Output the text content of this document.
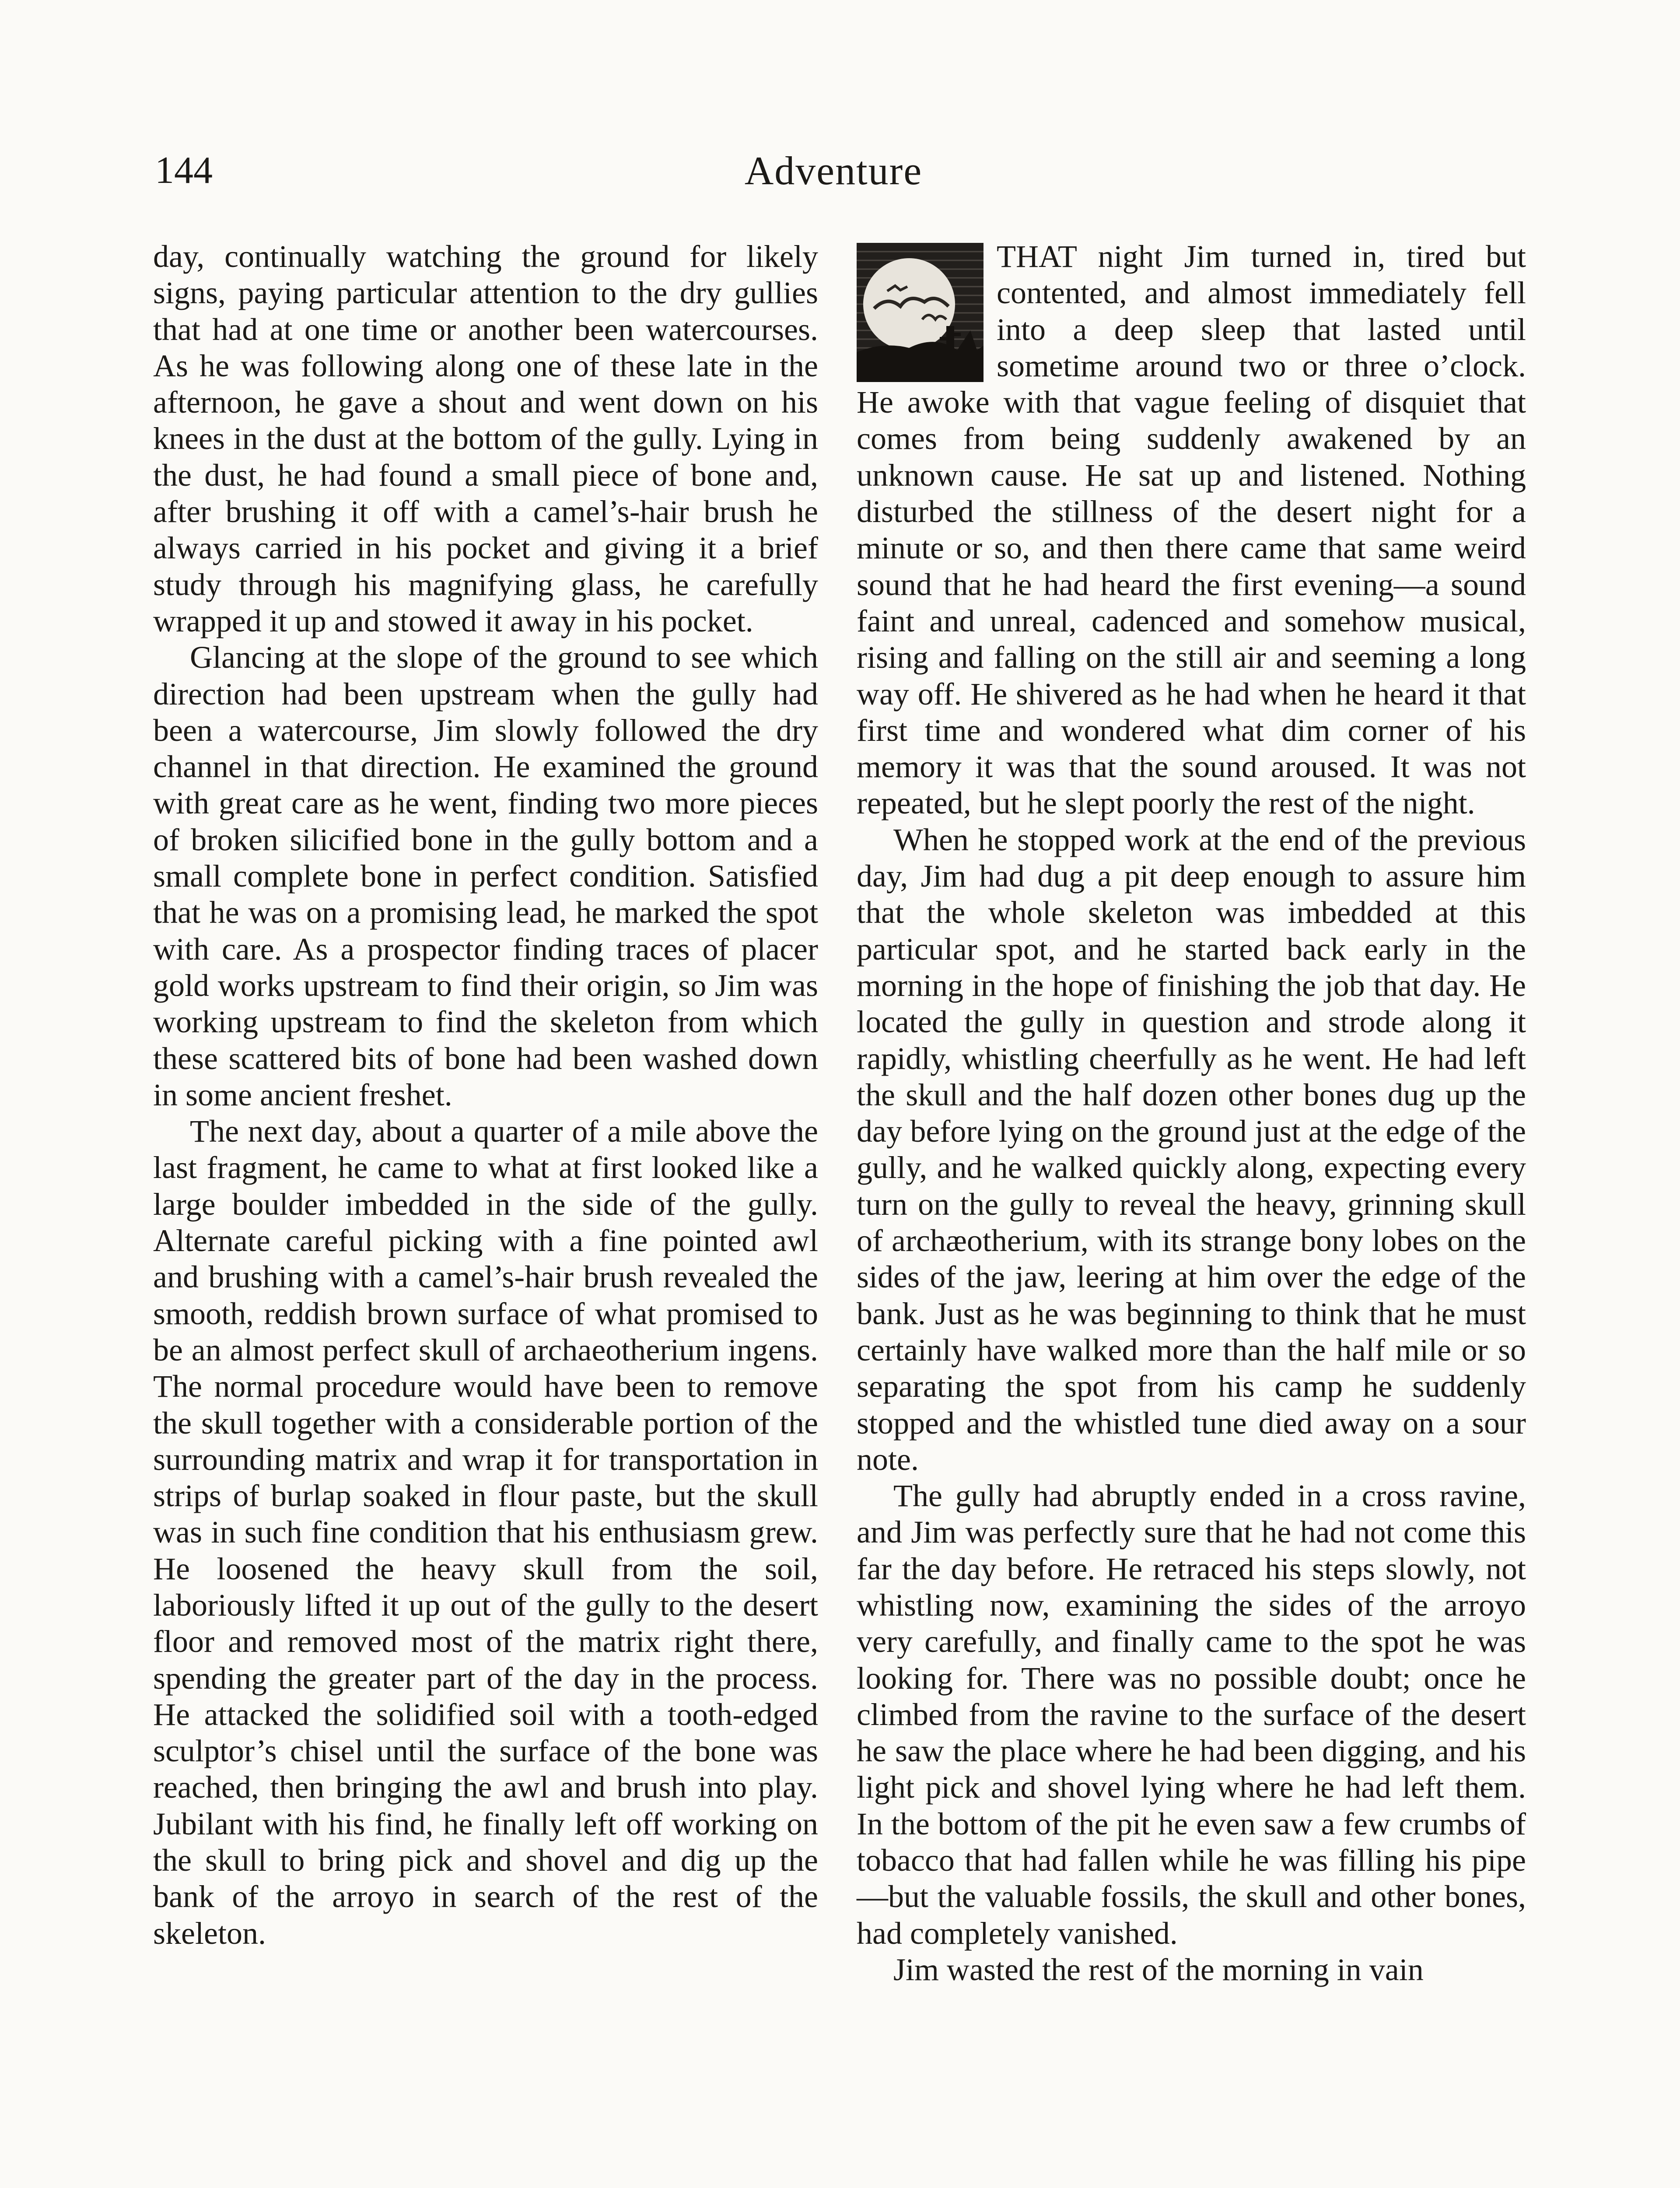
144	Adventure

day, continually watching the ground for likely signs, paying particular attention to the dry gullies that had at one time or another been watercourses. As he was following along one of these late in the afternoon, he gave a shout and went down on his knees in the dust at the bottom of the gully. Lying in the dust, he had found a small piece of bone and, after brushing it off with a camel’s-hair brush he always carried in his pocket and giving it a brief study through his magnifying glass, he carefully wrapped it up and stowed it away in his pocket.

Glancing at the slope of the ground to see which direction had been upstream when the gully had been a watercourse, Jim slowly followed the dry channel in that direction. He examined the ground with great care as he went, finding two more pieces of broken silicified bone in the gully bottom and a small complete bone in perfect condition. Satisfied that he was on a promising lead, he marked the spot with care. As a prospector finding traces of placer gold works upstream to find their origin, so Jim was working upstream to find the skeleton from which these scattered bits of bone had been washed down in some ancient freshet.

The next day, about a quarter of a mile above the last fragment, he came to what at first looked like a large boulder imbedded in the side of the gully. Alternate careful picking with a fine pointed awl and brushing with a camel’s-hair brush revealed the smooth, reddish brown surface of what promised to be an almost perfect skull of archaeotherium ingens. The normal procedure would have been to remove the skull together with a considerable portion of the surrounding matrix and wrap it for transportation in strips of burlap soaked in flour paste, but the skull was in such fine condition that his enthusiasm grew. He loosened the heavy skull from the soil, laboriously lifted it up out of the gully to the desert floor and removed most of the matrix right there, spending the greater part of the day in the process. He attacked the solidified soil with a tooth-edged sculptor’s chisel until the surface of the bone was reached, then bringing the awl and brush into play. Jubilant with his find, he finally left off working on the skull to bring pick and shovel and dig up the bank of the arroyo in search of the rest of the skeleton.

THAT night Jim turned in, tired but contented, and almost immediately fell into a deep sleep that lasted until sometime around two or three o’clock. He awoke with that vague feeling of disquiet that comes from being suddenly awakened by an unknown cause. He sat up and listened. Nothing disturbed the stillness of the desert night for a minute or so, and then there came that same weird sound that he had heard the first evening—a sound faint and unreal, cadenced and somehow musical, rising and falling on the still air and seeming a long way off. He shivered as he had when he heard it that first time and wondered what dim corner of his memory it was that the sound aroused. It was not repeated, but he slept poorly the rest of the night.

When he stopped work at the end of the previous day, Jim had dug a pit deep enough to assure him that the whole skeleton was imbedded at this particular spot, and he started back early in the morning in the hope of finishing the job that day. He located the gully in question and strode along it rapidly, whistling cheerfully as he went. He had left the skull and the half dozen other bones dug up the day before lying on the ground just at the edge of the gully, and he walked quickly along, expecting every turn on the gully to reveal the heavy, grinning skull of archæotherium, with its strange bony lobes on the sides of the jaw, leering at him over the edge of the bank. Just as he was beginning to think that he must certainly have walked more than the half mile or so separating the spot from his camp he suddenly stopped and the whistled tune died away on a sour note.

The gully had abruptly ended in a cross ravine, and Jim was perfectly sure that he had not come this far the day before. He retraced his steps slowly, not whistling now, examining the sides of the arroyo very carefully, and finally came to the spot he was looking for. There was no possible doubt; once he climbed from the ravine to the surface of the desert he saw the place where he had been digging, and his light pick and shovel lying where he had left them. In the bottom of the pit he even saw a few crumbs of tobacco that had fallen while he was filling his pipe—but the valuable fossils, the skull and other bones, had completely vanished.

Jim wasted the rest of the morning in vain
